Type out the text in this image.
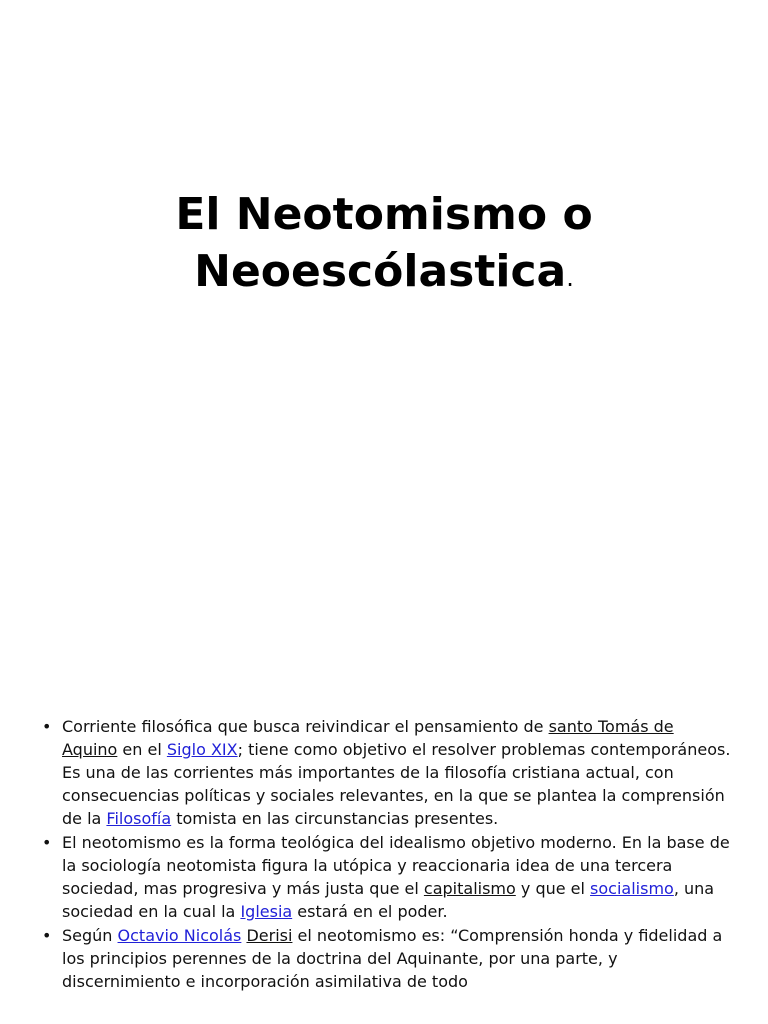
El Neotomismo o
Neoescólastica.
• Corriente filosófica que busca reivindicar el pensamiento de santo Tomás de Aquino en el Siglo XIX; tiene como objetivo el resolver problemas contemporáneos. Es una de las corrientes más importantes de la filosofía cristiana actual, con consecuencias políticas y sociales relevantes, en la que se plantea la comprensión de la Filosofía tomista en las circunstancias presentes.
• El neotomismo es la forma teológica del idealismo objetivo moderno. En la base de la sociología neotomista figura la utópica y reaccionaria idea de una tercera sociedad, mas progresiva y más justa que el capitalismo y que el socialismo, una sociedad en la cual la Iglesia estará en el poder.
• Según Octavio Nicolás Derisi el neotomismo es: “Comprensión honda y fidelidad a los principios perennes de la doctrina del Aquinante, por una parte, y discernimiento e incorporación asimilativa de todo
